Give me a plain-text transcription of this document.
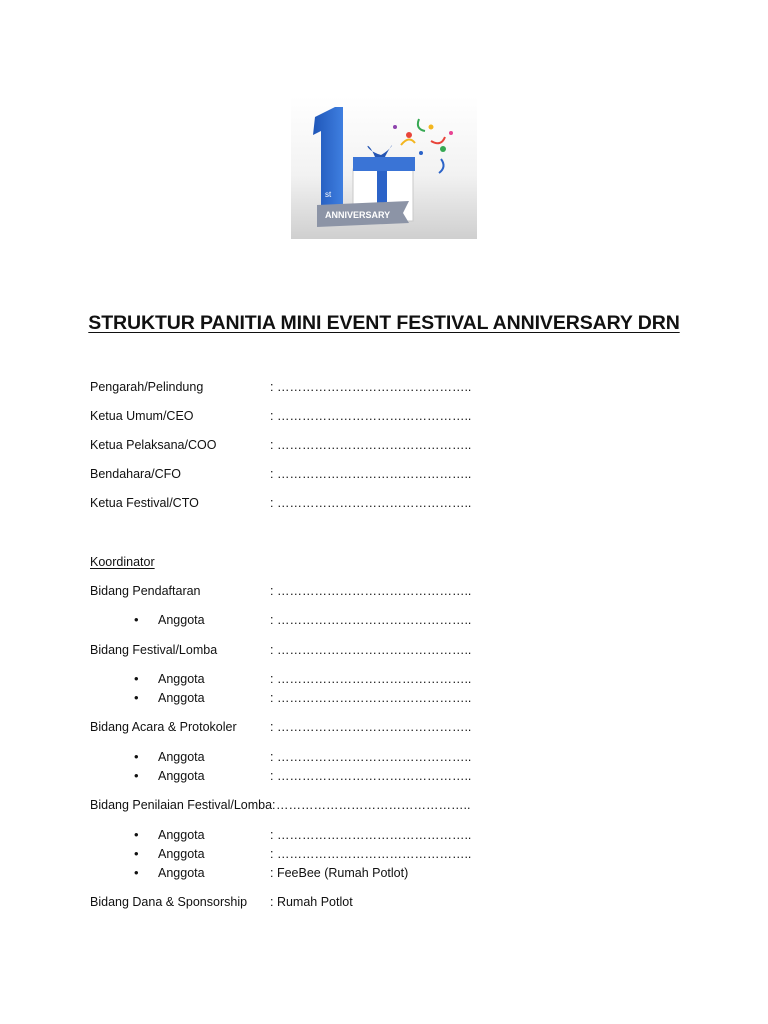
st
ANNIVERSARY
STRUKTUR PANITIA MINI EVENT FESTIVAL ANNIVERSARY DRN
Pengarah/Pelindung	: ………………………………………..
Ketua Umum/CEO	: ………………………………………..
Ketua Pelaksana/COO	: ………………………………………..
Bendahara/CFO	: ………………………………………..
Ketua Festival/CTO	: ………………………………………..
Koordinator
Bidang Pendaftaran	: ………………………………………..
• Anggota	: ………………………………………..
Bidang Festival/Lomba	: ………………………………………..
• Anggota	: ………………………………………..
• Anggota	: ………………………………………..
Bidang Acara & Protokoler	: ………………………………………..
• Anggota	: ………………………………………..
• Anggota	: ………………………………………..
Bidang Penilaian Festival/Lomba: ………………………………………..
• Anggota	: ………………………………………..
• Anggota	: ………………………………………..
• Anggota	: FeeBee (Rumah Potlot)
Bidang Dana & Sponsorship : Rumah Potlot
